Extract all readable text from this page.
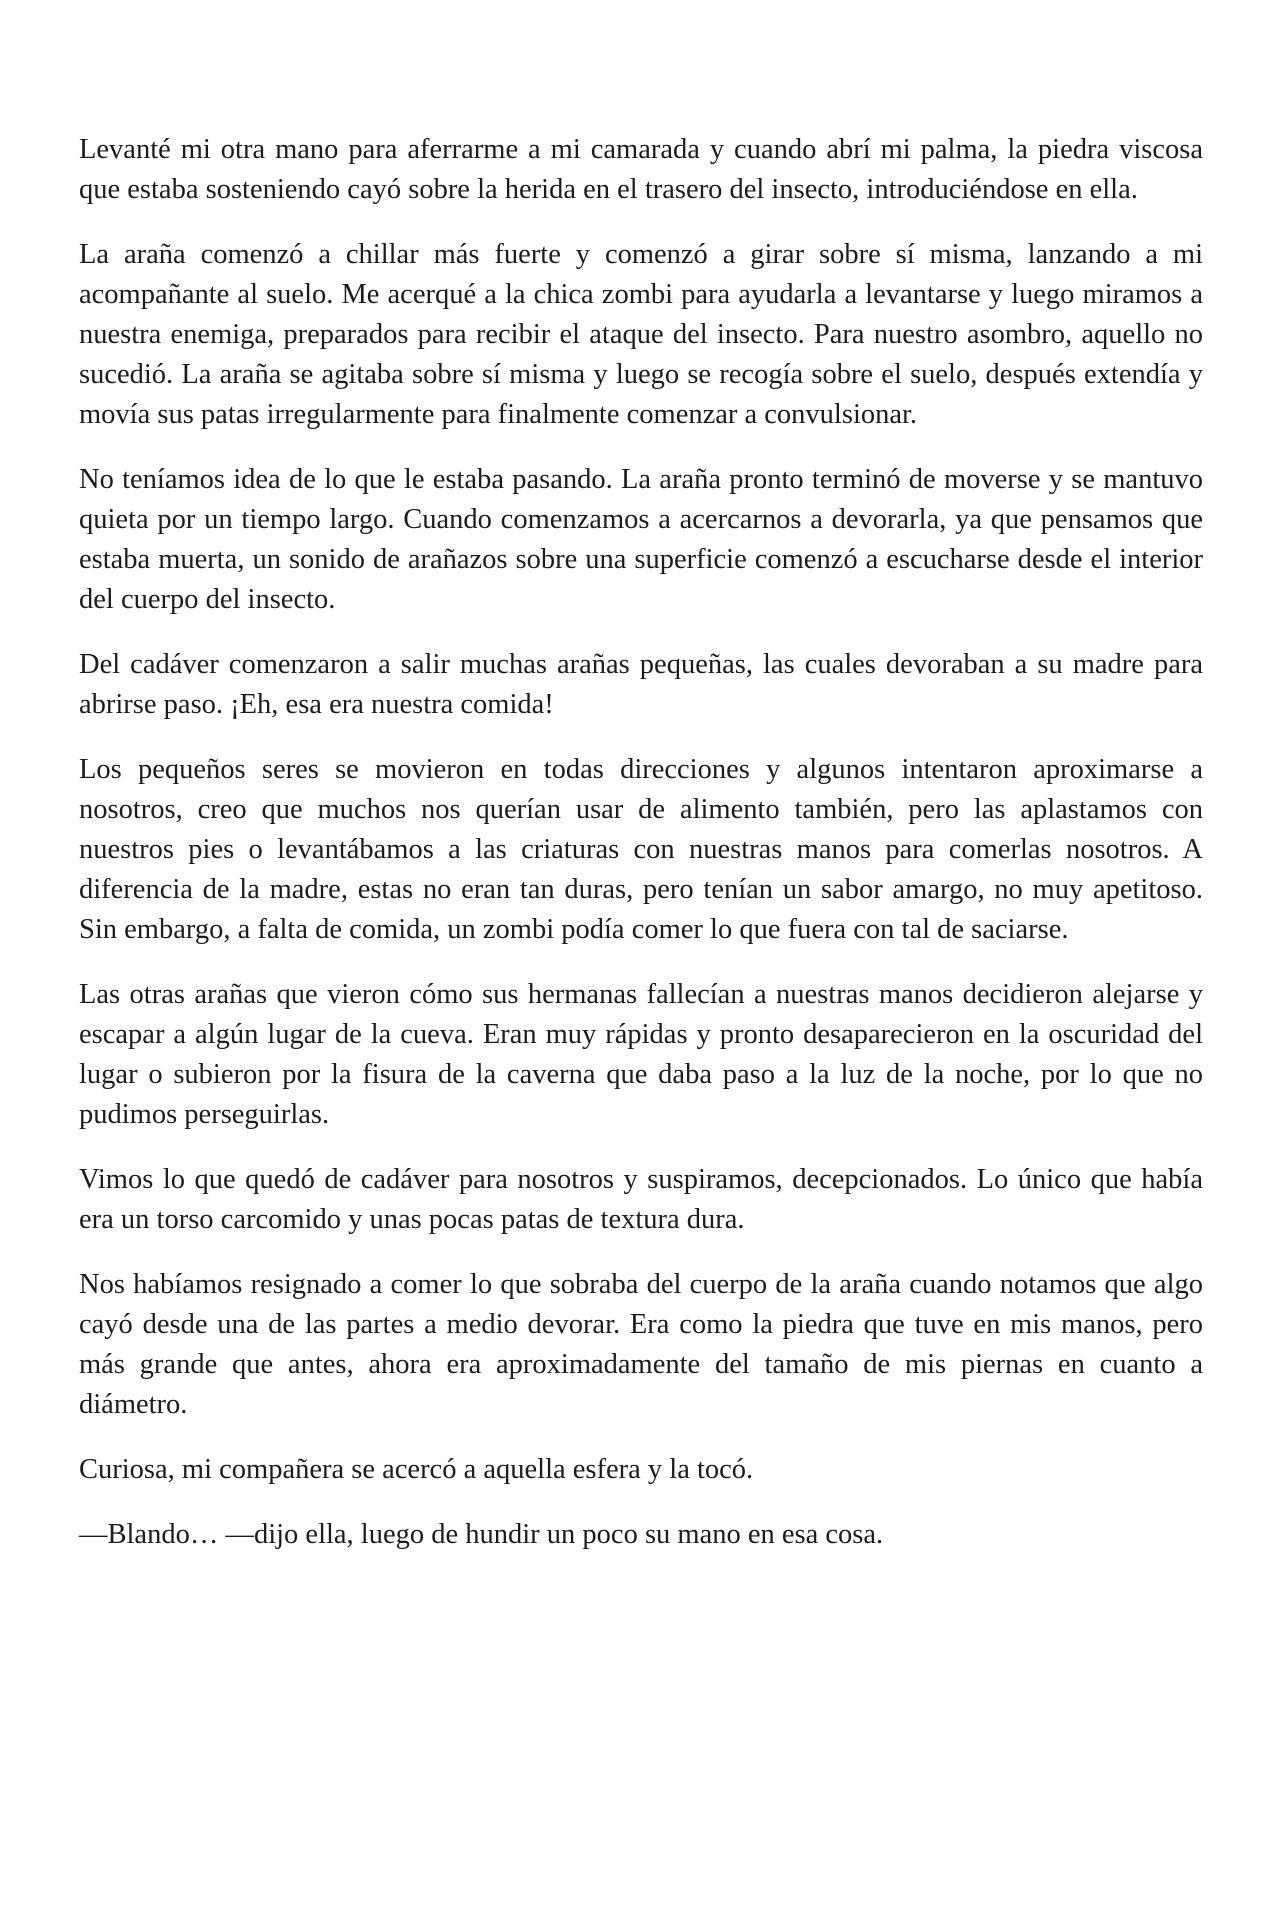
Levanté mi otra mano para aferrarme a mi camarada y cuando abrí mi palma, la piedra viscosa que estaba sosteniendo cayó sobre la herida en el trasero del insecto, introduciéndose en ella.

La araña comenzó a chillar más fuerte y comenzó a girar sobre sí misma, lanzando a mi acompañante al suelo. Me acerqué a la chica zombi para ayudarla a levantarse y luego miramos a nuestra enemiga, preparados para recibir el ataque del insecto. Para nuestro asombro, aquello no sucedió. La araña se agitaba sobre sí misma y luego se recogía sobre el suelo, después extendía y movía sus patas irregularmente para finalmente comenzar a convulsionar.

No teníamos idea de lo que le estaba pasando. La araña pronto terminó de moverse y se mantuvo quieta por un tiempo largo. Cuando comenzamos a acercarnos a devorarla, ya que pensamos que estaba muerta, un sonido de arañazos sobre una superficie comenzó a escucharse desde el interior del cuerpo del insecto.

Del cadáver comenzaron a salir muchas arañas pequeñas, las cuales devoraban a su madre para abrirse paso. ¡Eh, esa era nuestra comida!

Los pequeños seres se movieron en todas direcciones y algunos intentaron aproximarse a nosotros, creo que muchos nos querían usar de alimento también, pero las aplastamos con nuestros pies o levantábamos a las criaturas con nuestras manos para comerlas nosotros. A diferencia de la madre, estas no eran tan duras, pero tenían un sabor amargo, no muy apetitoso. Sin embargo, a falta de comida, un zombi podía comer lo que fuera con tal de saciarse.

Las otras arañas que vieron cómo sus hermanas fallecían a nuestras manos decidieron alejarse y escapar a algún lugar de la cueva. Eran muy rápidas y pronto desaparecieron en la oscuridad del lugar o subieron por la fisura de la caverna que daba paso a la luz de la noche, por lo que no pudimos perseguirlas.

Vimos lo que quedó de cadáver para nosotros y suspiramos, decepcionados. Lo único que había era un torso carcomido y unas pocas patas de textura dura.

Nos habíamos resignado a comer lo que sobraba del cuerpo de la araña cuando notamos que algo cayó desde una de las partes a medio devorar. Era como la piedra que tuve en mis manos, pero más grande que antes, ahora era aproximadamente del tamaño de mis piernas en cuanto a diámetro.

Curiosa, mi compañera se acercó a aquella esfera y la tocó.

—Blando… —dijo ella, luego de hundir un poco su mano en esa cosa.
